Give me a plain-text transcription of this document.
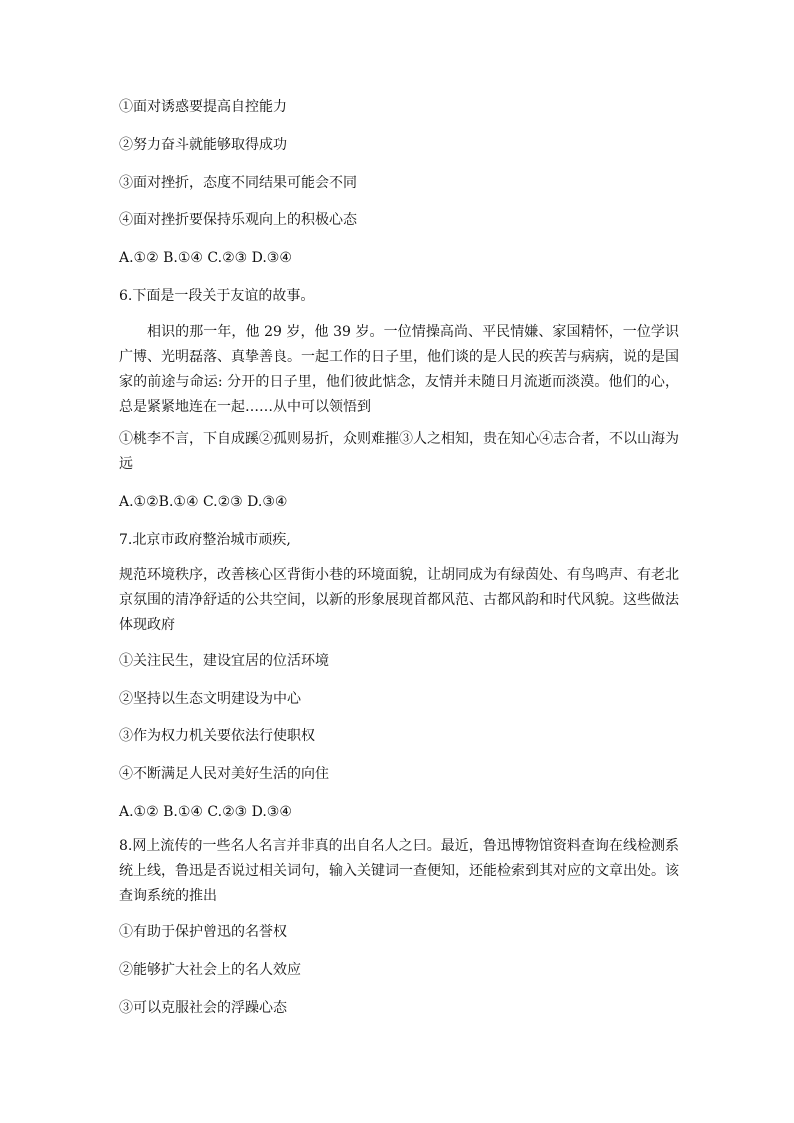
①面对诱惑要提高自控能力

②努力奋斗就能够取得成功

③面对挫折，态度不同结果可能会不同

④面对挫折要保持乐观向上的积极心态

A.①② B.①④ C.②③ D.③④

6.下面是一段关于友谊的故事。

相识的那一年，他 29 岁，他 39 岁。一位情操高尚、平民情嫌、家国精怀，一位学识广博、光明磊落、真挚善良。一起工作的日子里，他们谈的是人民的疾苦与病病，说的是国家的前途与命运: 分开的日子里，他们彼此惦念，友情并未随日月流逝而淡漠。他们的心，总是紧紧地连在一起……从中可以领悟到

①桃李不言，下自成蹊②孤则易折，众则难摧③人之相知，贵在知心④志合者，不以山海为远

A.①②B.①④ C.②③ D.③④

7.北京市政府整治城市顽疾,

规范环境秩序，改善核心区背街小巷的环境面貌，让胡同成为有绿茵处、有鸟鸣声、有老北京氛围的清净舒适的公共空间，以新的形象展现首都风范、古都风韵和时代风貌。这些做法体现政府

①关注民生，建设宜居的位活环境

②坚持以生态文明建设为中心

③作为权力机关要依法行使职权

④不断满足人民对美好生活的向住

A.①② B.①④ C.②③ D.③④

8.网上流传的一些名人名言并非真的出自名人之曰。最近，鲁迅博物馆资料查询在线检测系统上线，鲁迅是否说过相关词句，输入关键词一查便知，还能检索到其对应的文章出处。该查询系统的推出

①有助于保护曾迅的名誉权

②能够扩大社会上的名人效应

③可以克服社会的浮躁心态
